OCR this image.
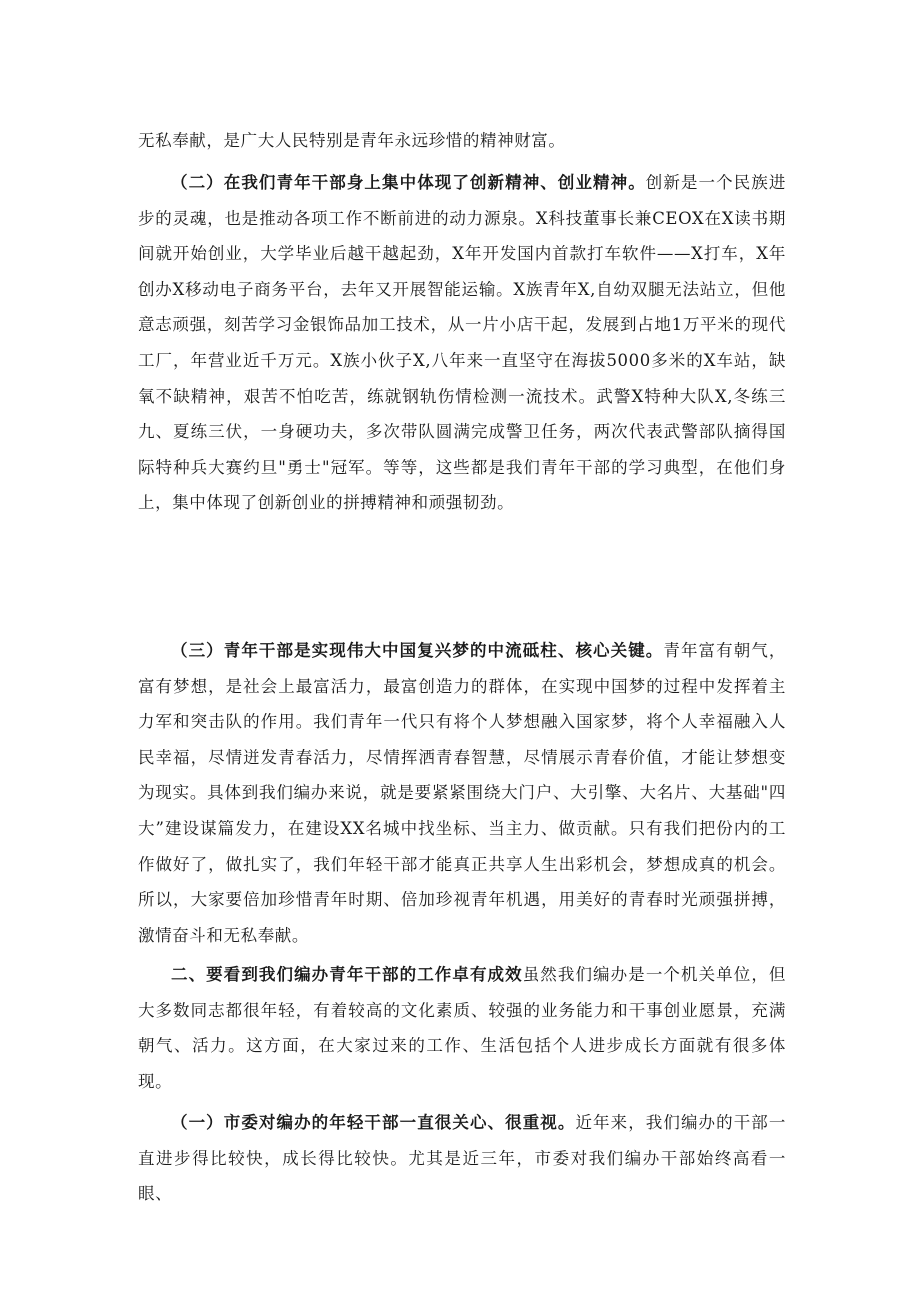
无私奉献，是广大人民特别是青年永远珍惜的精神财富。

（二）在我们青年干部身上集中体现了创新精神、创业精神。创新是一个民族进步的灵魂，也是推动各项工作不断前进的动力源泉。X科技董事长兼CEOX在X读书期间就开始创业，大学毕业后越干越起劲，X年开发国内首款打车软件——X打车，X年创办X移动电子商务平台，去年又开展智能运输。X族青年X,自幼双腿无法站立，但他意志顽强，刻苦学习金银饰品加工技术，从一片小店干起，发展到占地1万平米的现代工厂，年营业近千万元。X族小伙子X,八年来一直坚守在海拔5000多米的X车站，缺氧不缺精神，艰苦不怕吃苦，练就钢轨伤情检测一流技术。武警X特种大队X,冬练三九、夏练三伏，一身硬功夫，多次带队圆满完成警卫任务，两次代表武警部队摘得国际特种兵大赛约旦"勇士"冠军。等等，这些都是我们青年干部的学习典型，在他们身上，集中体现了创新创业的拼搏精神和顽强韧劲。

（三）青年干部是实现伟大中国复兴梦的中流砥柱、核心关键。青年富有朝气，富有梦想，是社会上最富活力，最富创造力的群体，在实现中国梦的过程中发挥着主力军和突击队的作用。我们青年一代只有将个人梦想融入国家梦，将个人幸福融入人民幸福，尽情迸发青春活力，尽情挥洒青春智慧，尽情展示青春价值，才能让梦想变为现实。具体到我们编办来说，就是要紧紧围绕大门户、大引擎、大名片、大基础"四大”建设谋篇发力，在建设XX名城中找坐标、当主力、做贡献。只有我们把份内的工作做好了，做扎实了，我们年轻干部才能真正共享人生出彩机会，梦想成真的机会。所以，大家要倍加珍惜青年时期、倍加珍视青年机遇，用美好的青春时光顽强拼搏，激情奋斗和无私奉献。

二、要看到我们编办青年干部的工作卓有成效虽然我们编办是一个机关单位，但大多数同志都很年轻，有着较高的文化素质、较强的业务能力和干事创业愿景，充满朝气、活力。这方面，在大家过来的工作、生活包括个人进步成长方面就有很多体现。

（一）市委对编办的年轻干部一直很关心、很重视。近年来，我们编办的干部一直进步得比较快，成长得比较快。尤其是近三年，市委对我们编办干部始终高看一眼、
